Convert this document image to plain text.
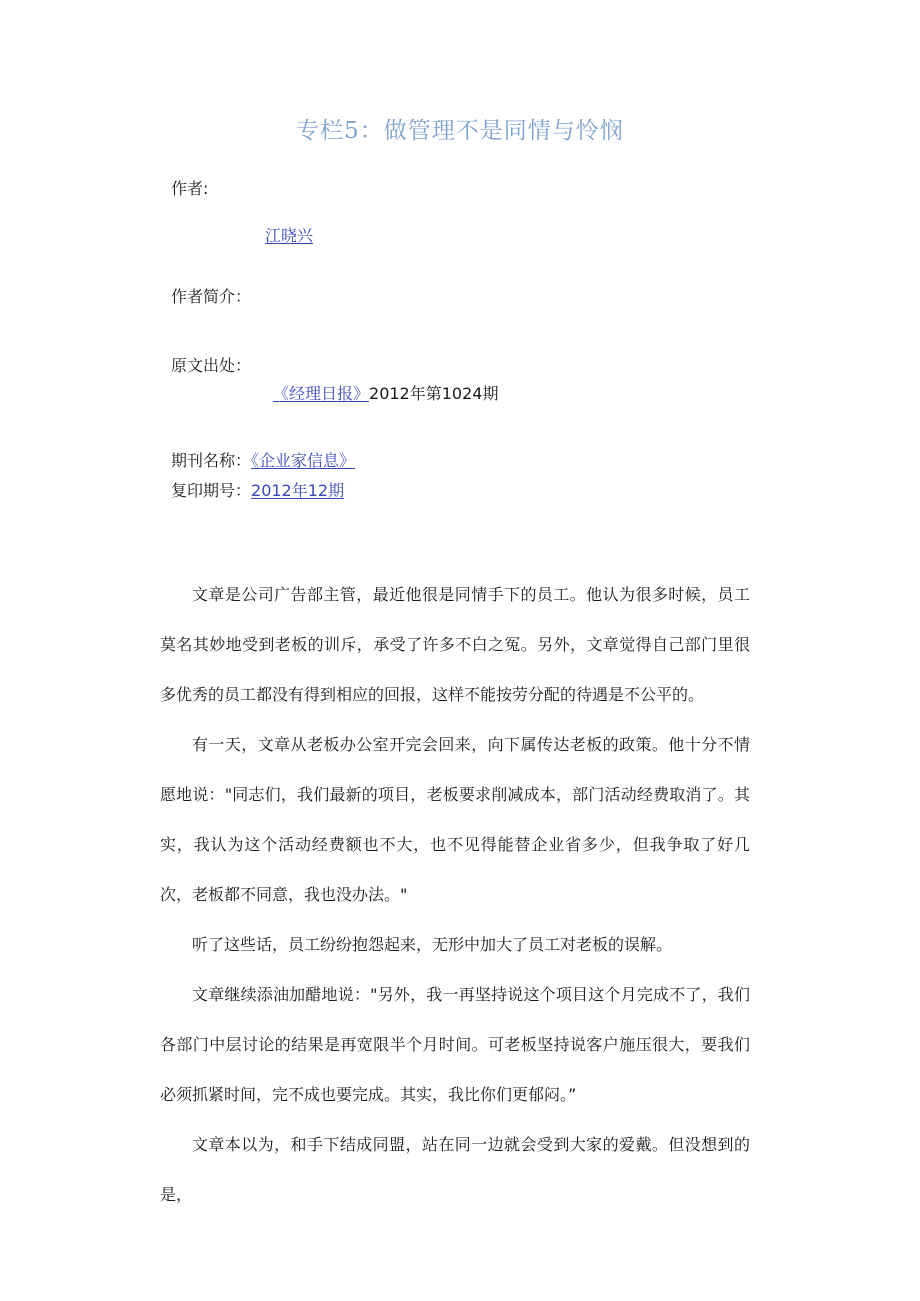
专栏5：做管理不是同情与怜悯
作者:
江晓兴
作者简介：
原文出处：
《经理日报》2012年第1024期
期刊名称：《企业家信息》
复印期号：2012年12期

文章是公司广告部主管，最近他很是同情手下的员工。他认为很多时候，员工莫名其妙地受到老板的训斥，承受了许多不白之冤。另外，文章觉得自己部门里很多优秀的员工都没有得到相应的回报，这样不能按劳分配的待遇是不公平的。

有一天，文章从老板办公室开完会回来，向下属传达老板的政策。他十分不情愿地说："同志们，我们最新的项目，老板要求削减成本，部门活动经费取消了。其实，我认为这个活动经费额也不大，也不见得能替企业省多少，但我争取了好几次，老板都不同意，我也没办法。"

听了这些话，员工纷纷抱怨起来，无形中加大了员工对老板的误解。

文章继续添油加醋地说："另外，我一再坚持说这个项目这个月完成不了，我们各部门中层讨论的结果是再宽限半个月时间。可老板坚持说客户施压很大，要我们必须抓紧时间，完不成也要完成。其实，我比你们更郁闷。”

文章本以为，和手下结成同盟，站在同一边就会受到大家的爱戴。但没想到的是，
